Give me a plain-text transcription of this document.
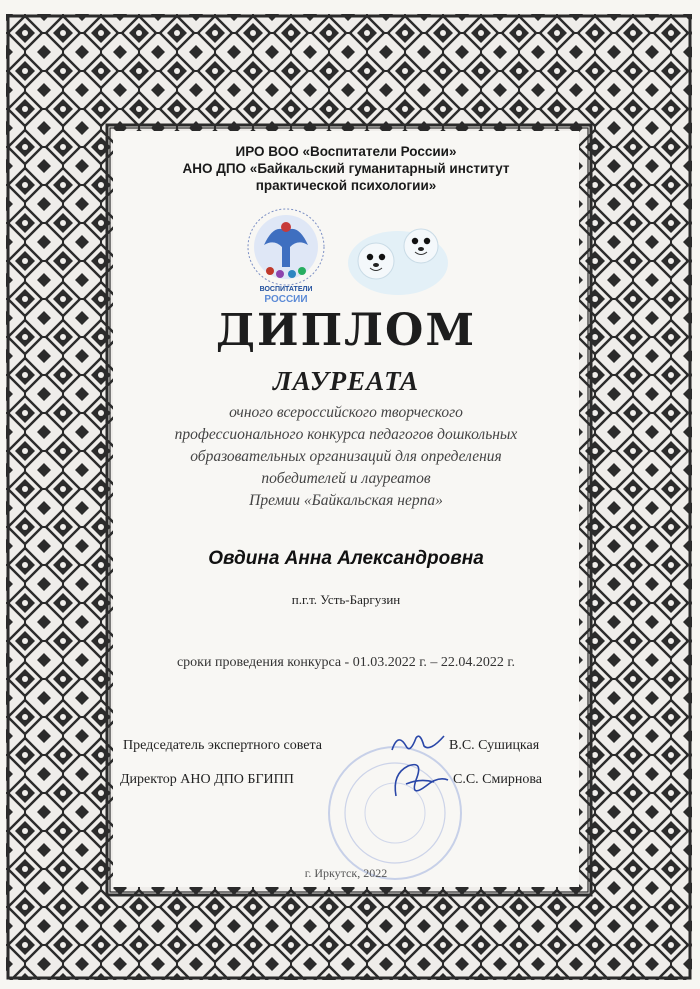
ИРО ВОО «Воспитатели России»
АНО ДПО «Байкальский гуманитарный институт
практической психологии»
ВОСПИТАТЕЛИ
РОССИИ
ДИПЛОМ
ЛАУРЕАТА
очного всероссийского творческого
профессионального конкурса педагогов дошкольных
образовательных организаций для определения
победителей и лауреатов
Премии «Байкальская нерпа»
Овдина Анна Александровна
п.г.т. Усть-Баргузин
сроки проведения конкурса - 01.03.2022 г. – 22.04.2022 г.
Председатель экспертного совета	В.С. Сушицкая
Директор АНО ДПО БГИПП	С.С. Смирнова
г. Иркутск, 2022
